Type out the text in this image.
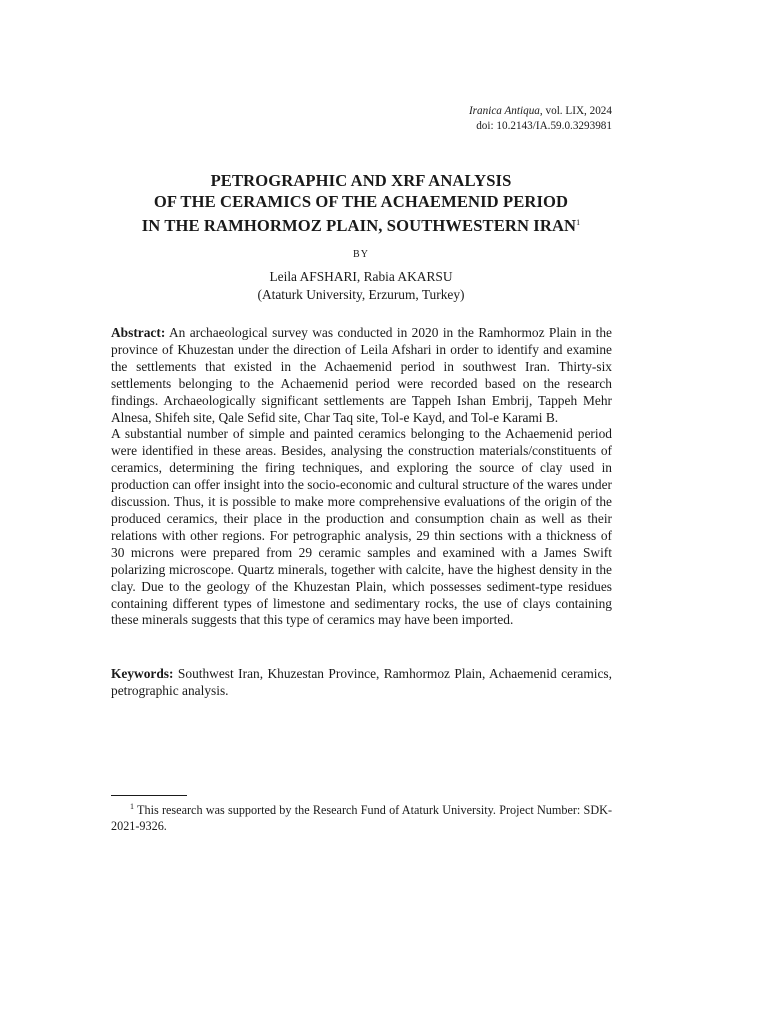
Iranica Antiqua, vol. LIX, 2024
doi: 10.2143/IA.59.0.3293981
PETROGRAPHIC AND XRF ANALYSIS
OF THE CERAMICS OF THE ACHAEMENID PERIOD
IN THE RAMHORMOZ PLAIN, SOUTHWESTERN IRAN$^1$
BY
Leila AFSHARI, Rabia AKARSU
(Ataturk University, Erzurum, Turkey)

Abstract: An archaeological survey was conducted in 2020 in the Ramhormoz Plain in the province of Khuzestan under the direction of Leila Afshari in order to identify and examine the settlements that existed in the Achaemenid period in southwest Iran. Thirty-six settlements belonging to the Achaemenid period were recorded based on the research findings. Archaeologically significant settlements are Tappeh Ishan Embrij, Tappeh Mehr Alnesa, Shifeh site, Qale Sefid site, Char Taq site, Tol-e Kayd, and Tol-e Karami B.

A substantial number of simple and painted ceramics belonging to the Achaemenid period were identified in these areas. Besides, analysing the construction materials/constituents of ceramics, determining the firing techniques, and exploring the source of clay used in production can offer insight into the socio-economic and cultural structure of the wares under discussion. Thus, it is possible to make more comprehensive evaluations of the origin of the produced ceramics, their place in the production and consumption chain as well as their relations with other regions. For petrographic analysis, 29 thin sections with a thickness of 30 microns were prepared from 29 ceramic samples and examined with a James Swift polarizing microscope. Quartz minerals, together with calcite, have the highest density in the clay. Due to the geology of the Khuzestan Plain, which possesses sediment-type residues containing different types of limestone and sedimentary rocks, the use of clays containing these minerals suggests that this type of ceramics may have been imported.

Keywords: Southwest Iran, Khuzestan Province, Ramhormoz Plain, Achaemenid ceramics, petrographic analysis.
$^1$ This research was supported by the Research Fund of Ataturk University. Project Number: SDK-2021-9326.
